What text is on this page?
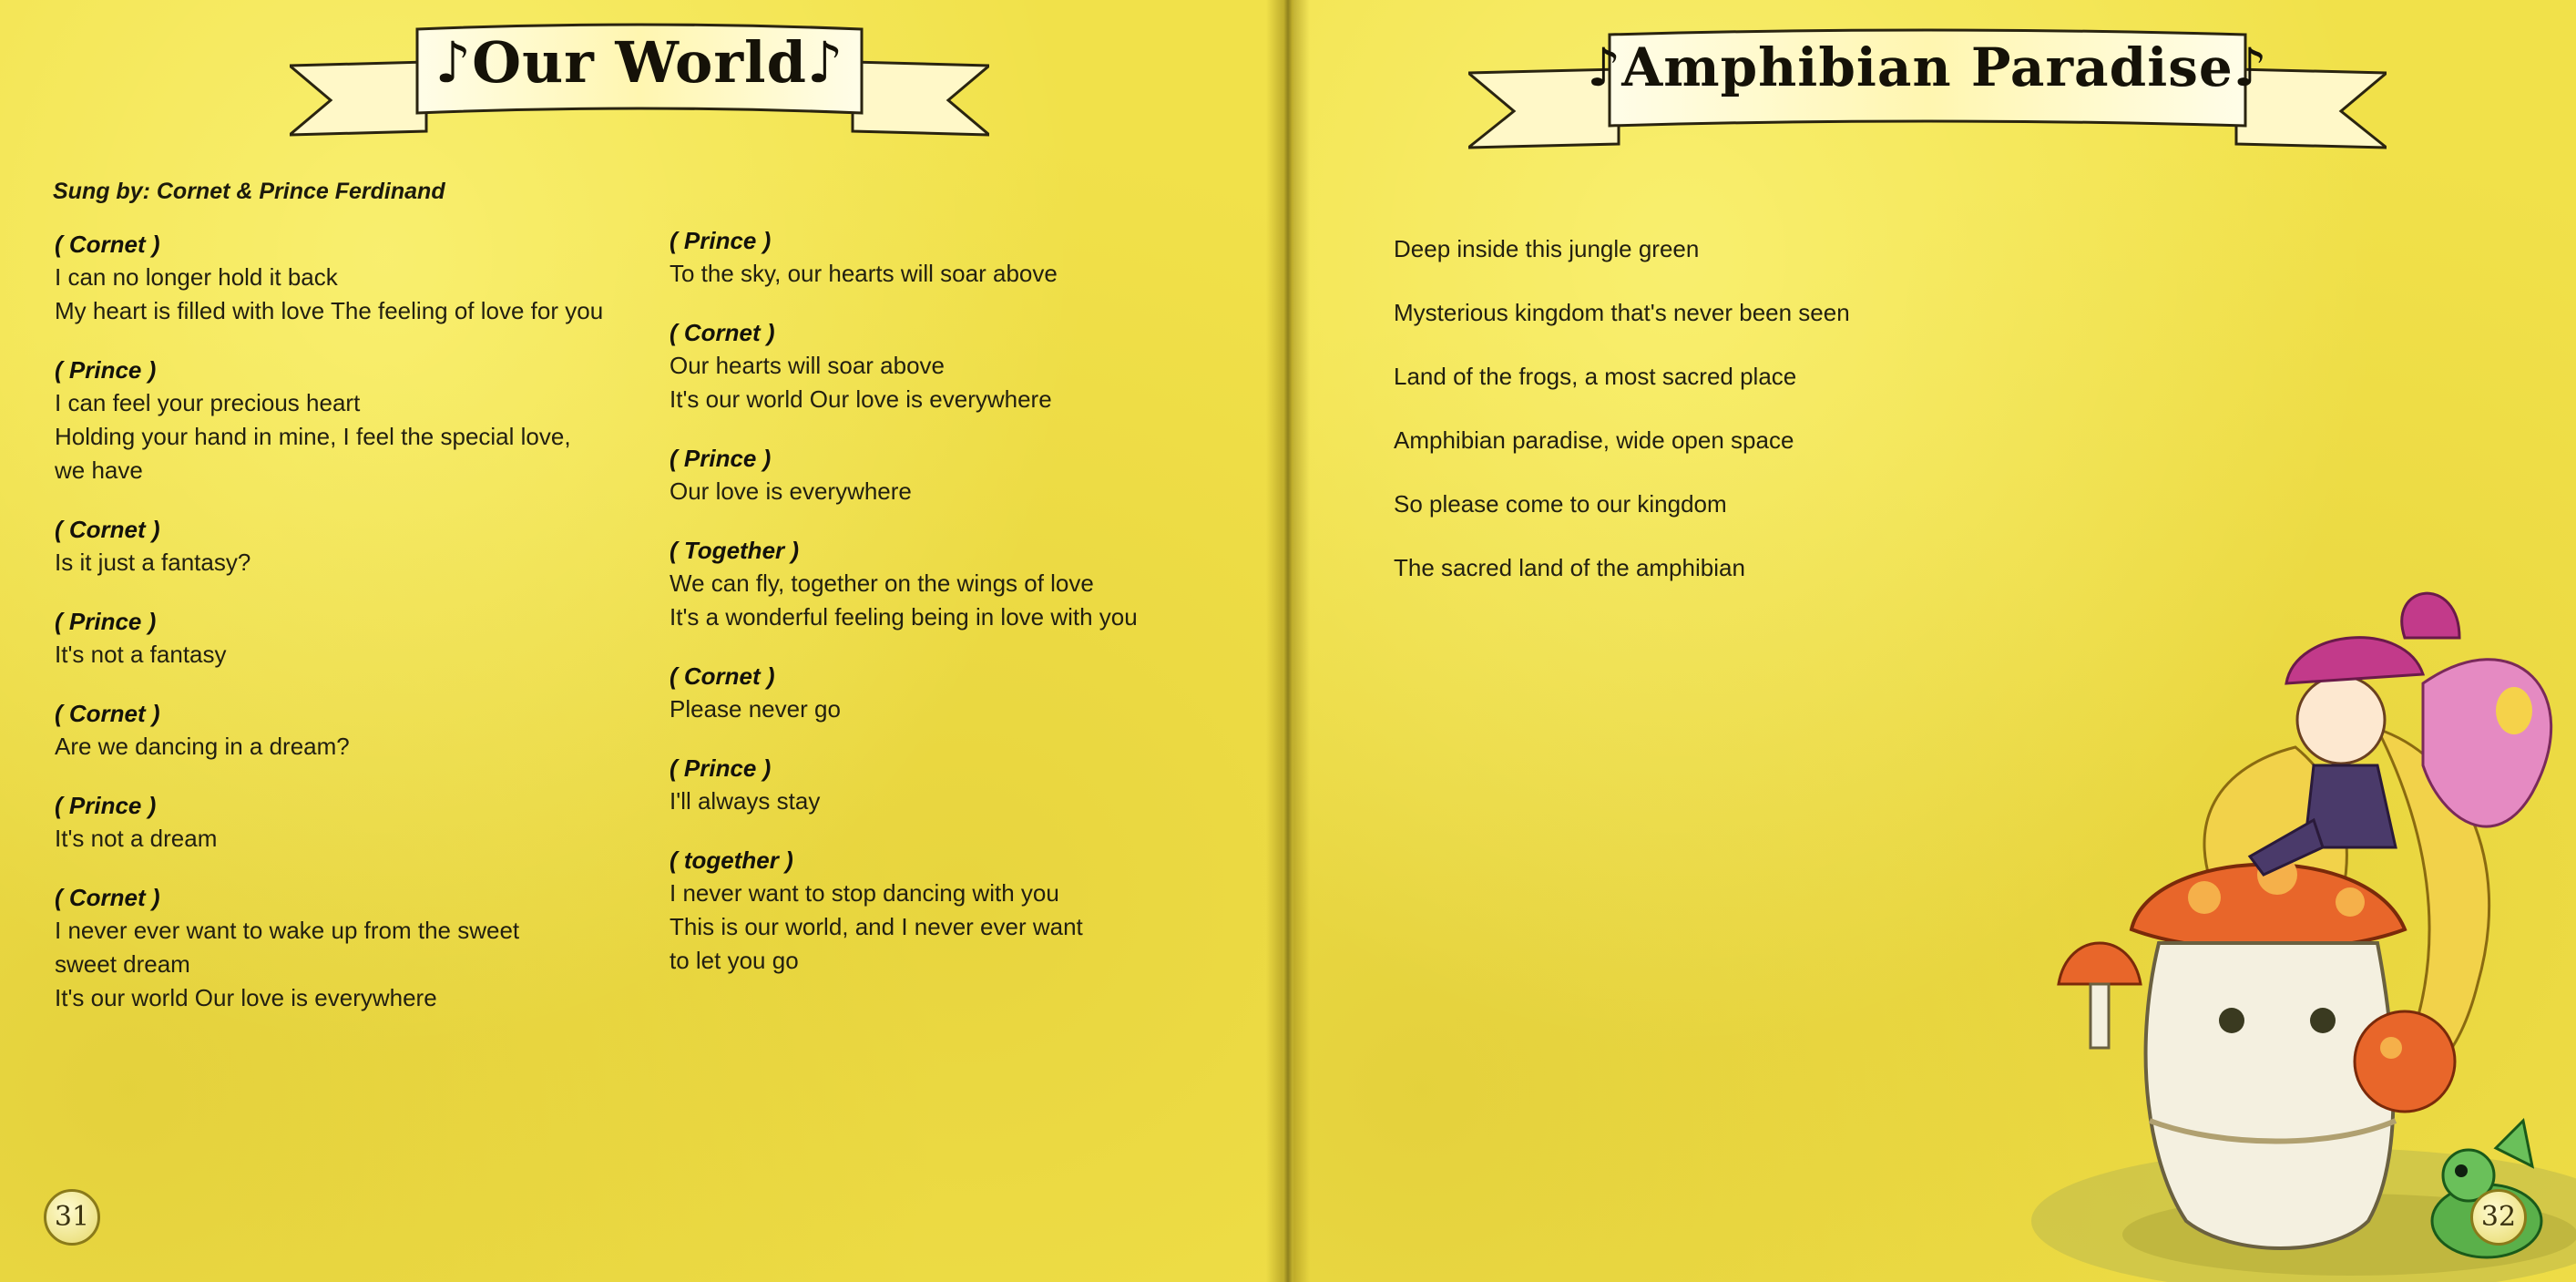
♪Our World♪
Sung by: Cornet & Prince Ferdinand
( Cornet )
I can no longer hold it back
My heart is filled with love The feeling of love for you
( Prince )
I can feel your precious heart
Holding your hand in mine, I feel the special love,
we have
( Cornet )
Is it just a fantasy?
( Prince )
It's not a fantasy
( Cornet )
Are we dancing in a dream?
( Prince )
It's not a dream
( Cornet )
I never ever want to wake up from the sweet
sweet dream
It's our world Our love is everywhere
( Prince )
To the sky, our hearts will soar above
( Cornet )
Our hearts will soar above
It's our world Our love is everywhere
( Prince )
Our love is everywhere
( Together )
We can fly, together on the wings of love
It's a wonderful feeling being in love with you
( Cornet )
Please never go
( Prince )
I'll always stay
( together )
I never want to stop dancing with you
This is our world, and I never ever want
to let you go
31
♪Amphibian Paradise♪
Deep inside this jungle green
Mysterious kingdom that's never been seen
Land of the frogs, a most sacred place
Amphibian paradise, wide open space
So please come to our kingdom
The sacred land of the amphibian
32
